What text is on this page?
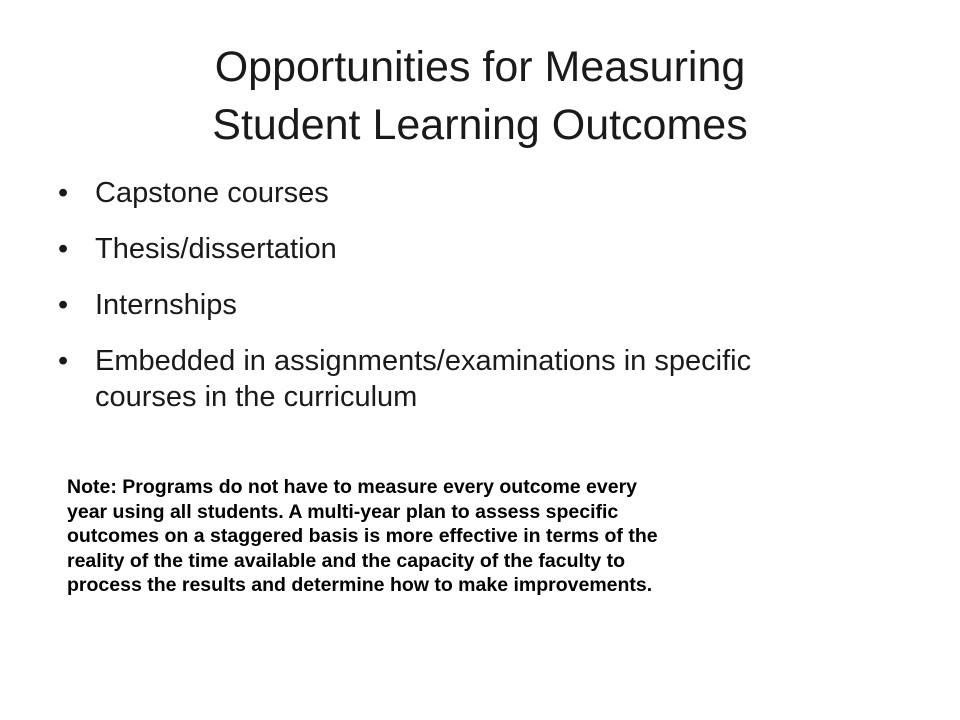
Opportunities for Measuring
Student Learning Outcomes
• Capstone courses
• Thesis/dissertation
• Internships
• Embedded in assignments/examinations in specific courses in the curriculum
Note: Programs do not have to measure every outcome every
year using all students. A multi-year plan to assess specific
outcomes on a staggered basis is more effective in terms of the
reality of the time available and the capacity of the faculty to
process the results and determine how to make improvements.
